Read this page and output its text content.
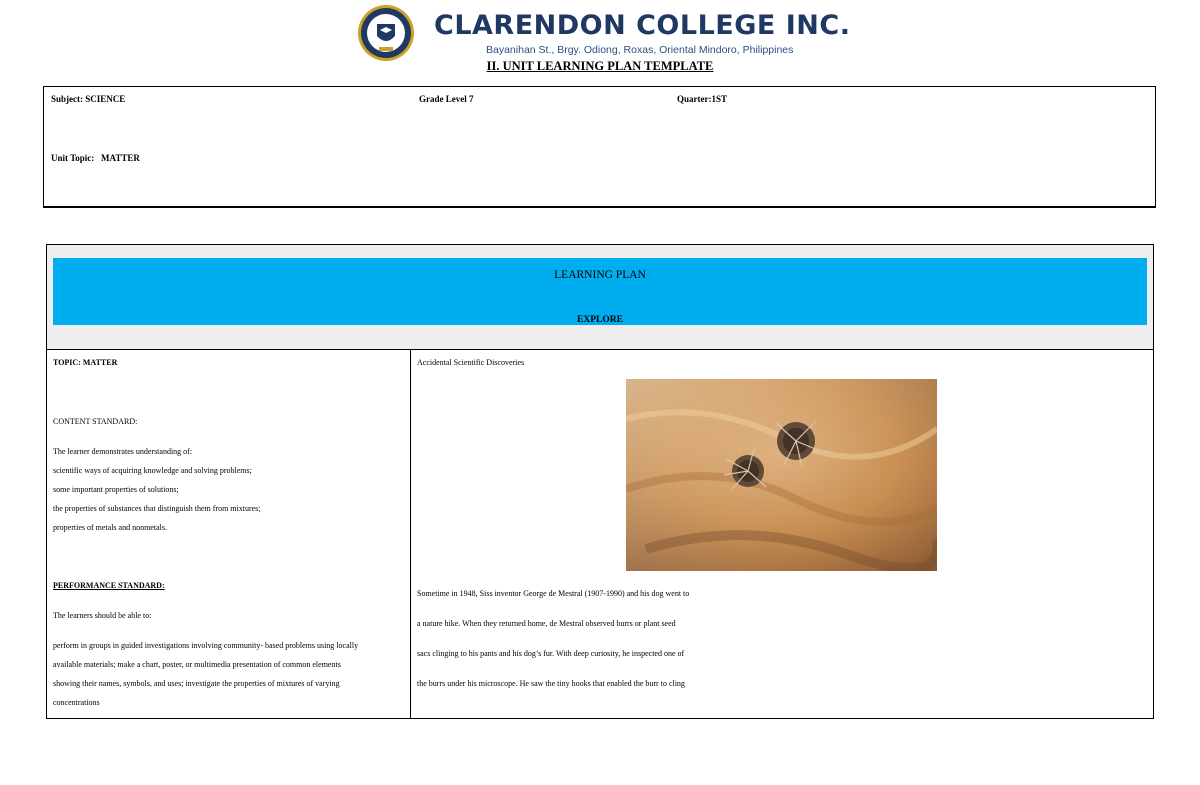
CLARENDON COLLEGE INC.
Bayanihan St., Brgy. Odiong, Roxas, Oriental Mindoro, Philippines
II. UNIT LEARNING PLAN TEMPLATE
Subject: SCIENCE	Grade Level 7	Quarter:1ST
Unit Topic: MATTER
LEARNING PLAN
EXPLORE
TOPIC: MATTER
CONTENT STANDARD:
The learner demonstrates understanding of:
scientific ways of acquiring knowledge and solving problems;
some important properties of solutions;
the properties of substances that distinguish them from mixtures;
properties of metals and nonmetals.
PERFORMANCE STANDARD:
The learners should be able to:
perform in groups in guided investigations involving community- based problems using locally
available materials; make a chart, poster, or multimedia presentation of common elements
showing their names, symbols, and uses; investigate the properties of mixtures of varying
concentrations
Accidental Scientific Discoveries
Sometime in 1948, Siss inventor George de Mestral (1907-1990) and his dog went to
a nature hike. When they returned home, de Mestral observed burrs or plant seed
sacs clinging to his pants and his dog’s fur. With deep curiosity, he inspected one of
the burrs under his microscope. He saw the tiny hooks that enabled the burr to cling
